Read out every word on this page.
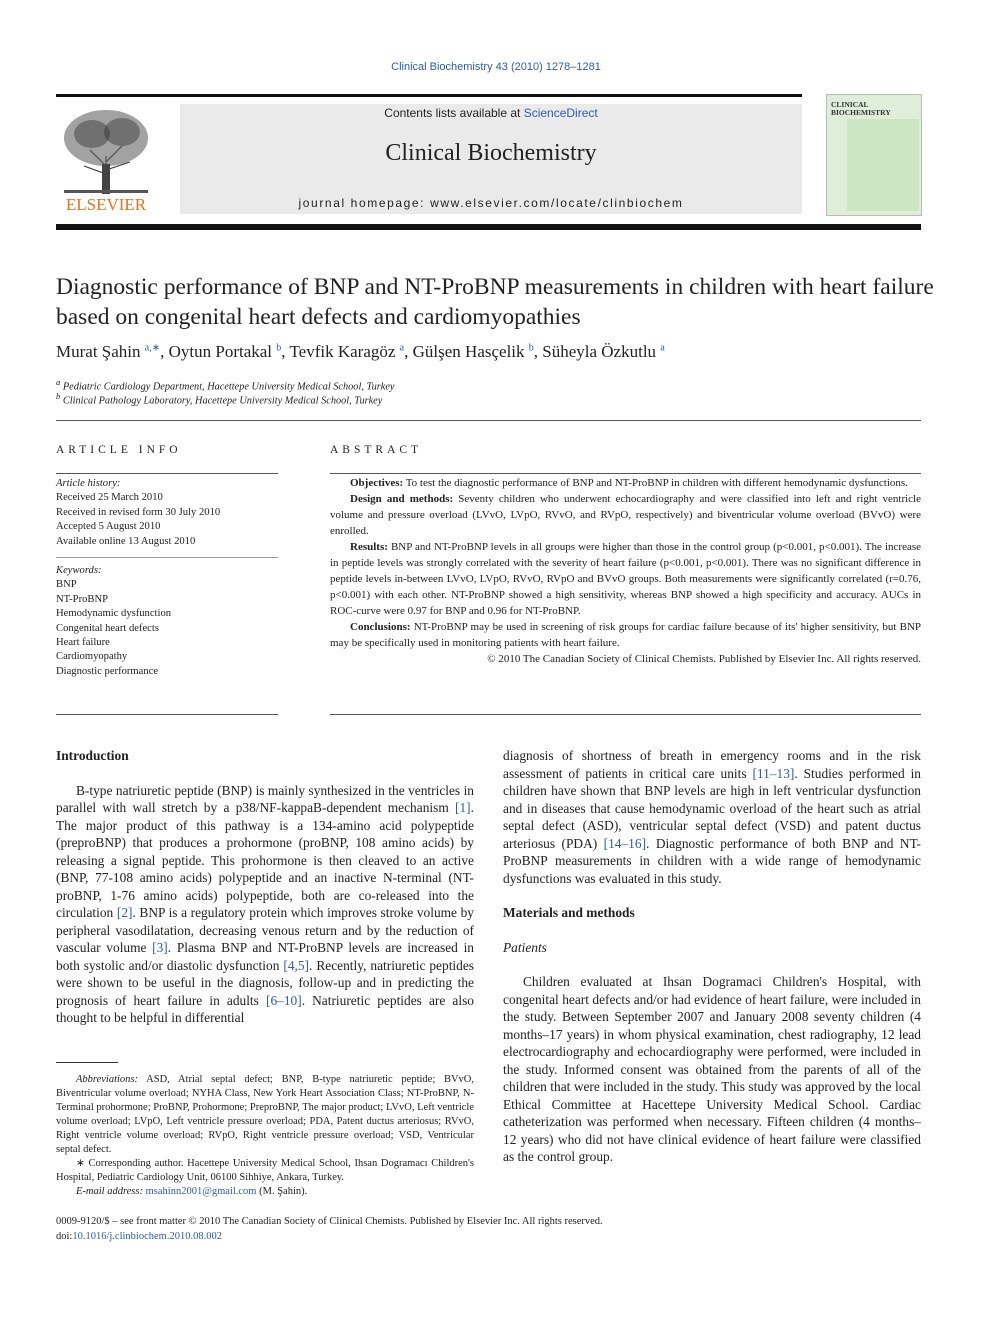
Clinical Biochemistry 43 (2010) 1278–1281
ELSEVIER
Contents lists available at ScienceDirect
Clinical Biochemistry
journal homepage: www.elsevier.com/locate/clinbiochem
CLINICAL BIOCHEMISTRY
Diagnostic performance of BNP and NT-ProBNP measurements in children with heart failure based on congenital heart defects and cardiomyopathies
Murat Şahin $^{a,∗}$, Oytun Portakal $^b$, Tevfik Karagöz $^a$, Gülşen Hasçelik $^b$, Süheyla Özkutlu $^a$
$^a$ Pediatric Cardiology Department, Hacettepe University Medical School, Turkey
$^b$ Clinical Pathology Laboratory, Hacettepe University Medical School, Turkey
ARTICLE INFO
Article history:
Received 25 March 2010
Received in revised form 30 July 2010
Accepted 5 August 2010
Available online 13 August 2010
Keywords:
BNP
NT-ProBNP
Hemodynamic dysfunction
Congenital heart defects
Heart failure
Cardiomyopathy
Diagnostic performance
ABSTRACT

Objectives: To test the diagnostic performance of BNP and NT-ProBNP in children with different hemodynamic dysfunctions.

Design and methods: Seventy children who underwent echocardiography and were classified into left and right ventricle volume and pressure overload (LVvO, LVpO, RVvO, and RVpO, respectively) and biventricular volume overload (BVvO) were enrolled.

Results: BNP and NT-ProBNP levels in all groups were higher than those in the control group (p<0.001, p<0.001). The increase in peptide levels was strongly correlated with the severity of heart failure (p<0.001, p<0.001). There was no significant difference in peptide levels in-between LVvO, LVpO, RVvO, RVpO and BVvO groups. Both measurements were significantly correlated (r=0.76, p<0.001) with each other. NT-ProBNP showed a high sensitivity, whereas BNP showed a high specificity and accuracy. AUCs in ROC-curve were 0.97 for BNP and 0.96 for NT-ProBNP.

Conclusions: NT-ProBNP may be used in screening of risk groups for cardiac failure because of its' higher sensitivity, but BNP may be specifically used in monitoring patients with heart failure.

© 2010 The Canadian Society of Clinical Chemists. Published by Elsevier Inc. All rights reserved.

Introduction

B-type natriuretic peptide (BNP) is mainly synthesized in the ventricles in parallel with wall stretch by a p38/NF-kappaB-dependent mechanism [1]. The major product of this pathway is a 134-amino acid polypeptide (preproBNP) that produces a prohormone (proBNP, 108 amino acids) by releasing a signal peptide. This prohormone is then cleaved to an active (BNP, 77-108 amino acids) polypeptide and an inactive N-terminal (NT-proBNP, 1-76 amino acids) polypeptide, both are co-released into the circulation [2]. BNP is a regulatory protein which improves stroke volume by peripheral vasodilatation, decreasing venous return and by the reduction of vascular volume [3]. Plasma BNP and NT-ProBNP levels are increased in both systolic and/or diastolic dysfunction [4,5]. Recently, natriuretic peptides were shown to be useful in the diagnosis, follow-up and in predicting the prognosis of heart failure in adults [6–10]. Natriuretic peptides are also thought to be helpful in differential

Abbreviations: ASD, Atrial septal defect; BNP, B-type natriuretic peptide; BVvO, Biventricular volume overload; NYHA Class, New York Heart Association Class; NT-ProBNP, N-Terminal prohormone; ProBNP, Prohormone; PreproBNP, The major product; LVvO, Left ventricle volume overload; LVpO, Left ventricle pressure overload; PDA, Patent ductus arteriosus; RVvO, Right ventricle volume overload; RVpO, Right ventricle pressure overload; VSD, Ventricular septal defect.

∗ Corresponding author. Hacettepe University Medical School, Ihsan Dogramacı Children's Hospital, Pediatric Cardiology Unit, 06100 Sihhiye, Ankara, Turkey.

E-mail address: msahinn2001@gmail.com (M. Şahin).

diagnosis of shortness of breath in emergency rooms and in the risk assessment of patients in critical care units [11–13]. Studies performed in children have shown that BNP levels are high in left ventricular dysfunction and in diseases that cause hemodynamic overload of the heart such as atrial septal defect (ASD), ventricular septal defect (VSD) and patent ductus arteriosus (PDA) [14–16]. Diagnostic performance of both BNP and NT-ProBNP measurements in children with a wide range of hemodynamic dysfunctions was evaluated in this study.

Materials and methods
Patients

Children evaluated at Ihsan Dogramaci Children's Hospital, with congenital heart defects and/or had evidence of heart failure, were included in the study. Between September 2007 and January 2008 seventy children (4 months–17 years) in whom physical examination, chest radiography, 12 lead electrocardiography and echocardiography were performed, were included in the study. Informed consent was obtained from the parents of all of the children that were included in the study. This study was approved by the local Ethical Committee at Hacettepe University Medical School. Cardiac catheterization was performed when necessary. Fifteen children (4 months–12 years) who did not have clinical evidence of heart failure were classified as the control group.

0009-9120/$ – see front matter © 2010 The Canadian Society of Clinical Chemists. Published by Elsevier Inc. All rights reserved.
doi:10.1016/j.clinbiochem.2010.08.002
